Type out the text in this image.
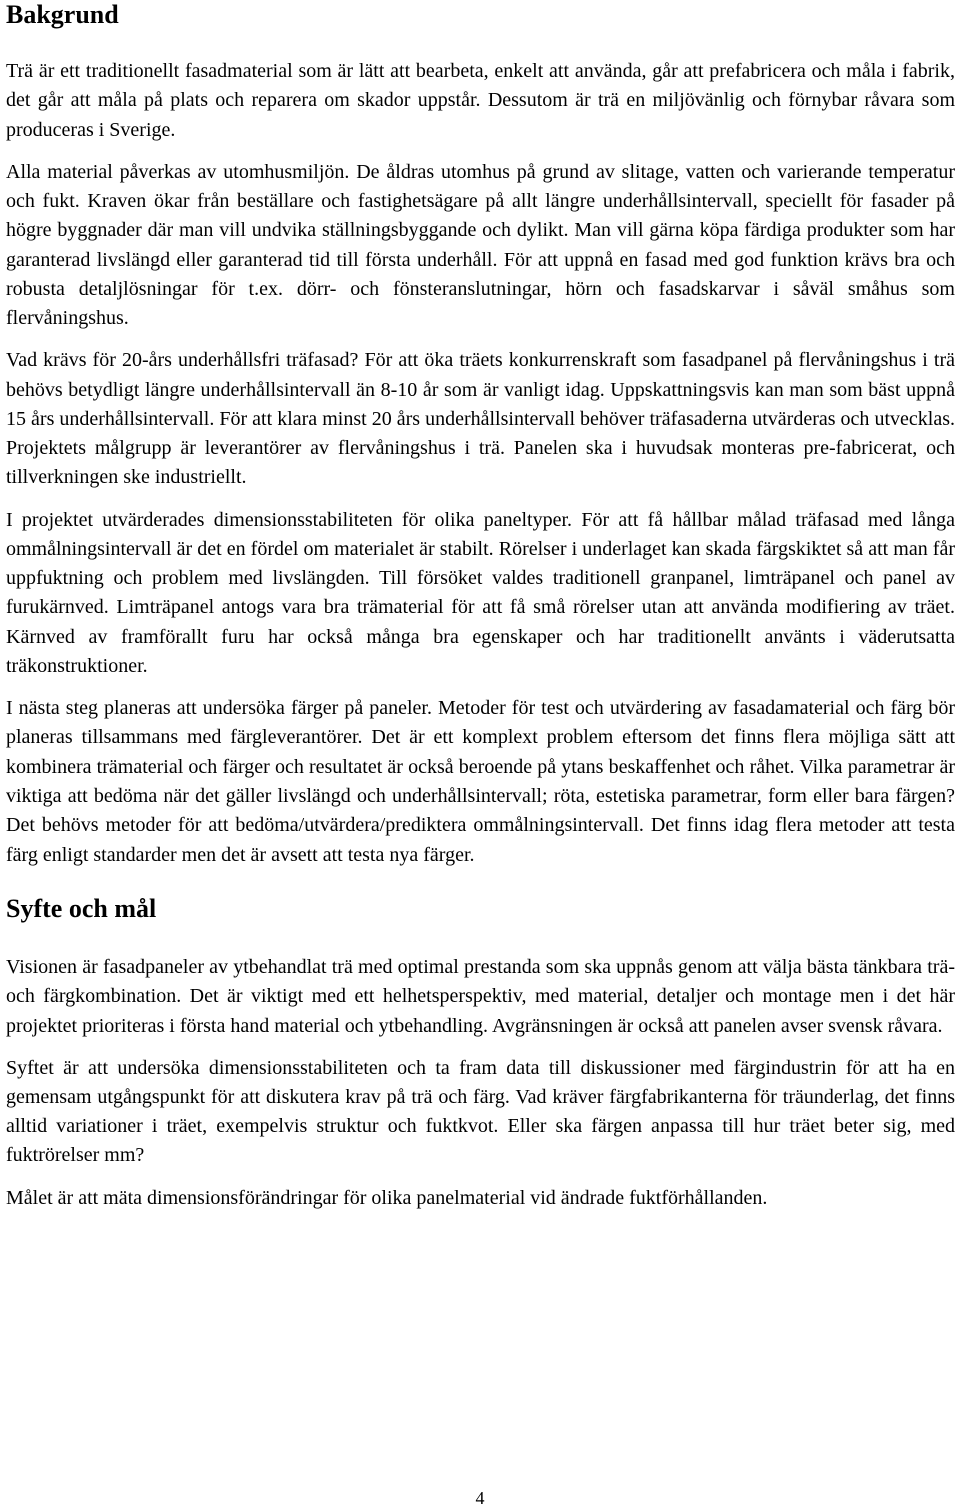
Bakgrund

Trä är ett traditionellt fasadmaterial som är lätt att bearbeta, enkelt att använda, går att prefabricera och måla i fabrik, det går att måla på plats och reparera om skador uppstår. Dessutom är trä en miljövänlig och förnybar råvara som produceras i Sverige.

Alla material påverkas av utomhusmiljön. De åldras utomhus på grund av slitage, vatten och varierande temperatur och fukt. Kraven ökar från beställare och fastighetsägare på allt längre underhållsintervall, speciellt för fasader på högre byggnader där man vill undvika ställningsbyggande och dylikt. Man vill gärna köpa färdiga produkter som har garanterad livslängd eller garanterad tid till första underhåll. För att uppnå en fasad med god funktion krävs bra och robusta detaljlösningar för t.ex. dörr- och fönsteranslutningar, hörn och fasadskarvar i såväl småhus som flervåningshus.

Vad krävs för 20-års underhållsfri träfasad? För att öka träets konkurrenskraft som fasadpanel på flervåningshus i trä behövs betydligt längre underhållsintervall än 8-10 år som är vanligt idag. Uppskattningsvis kan man som bäst uppnå 15 års underhållsintervall. För att klara minst 20 års underhållsintervall behöver träfasaderna utvärderas och utvecklas. Projektets målgrupp är leverantörer av flervåningshus i trä. Panelen ska i huvudsak monteras pre-fabricerat, och tillverkningen ske industriellt.

I projektet utvärderades dimensionsstabiliteten för olika paneltyper. För att få hållbar målad träfasad med långa ommålningsintervall är det en fördel om materialet är stabilt. Rörelser i underlaget kan skada färgskiktet så att man får uppfuktning och problem med livslängden. Till försöket valdes traditionell granpanel, limträpanel och panel av furukärnved. Limträpanel antogs vara bra trämaterial för att få små rörelser utan att använda modifiering av träet. Kärnved av framförallt furu har också många bra egenskaper och har traditionellt använts i väderutsatta träkonstruktioner.

I nästa steg planeras att undersöka färger på paneler. Metoder för test och utvärdering av fasadamaterial och färg bör planeras tillsammans med färgleverantörer. Det är ett komplext problem eftersom det finns flera möjliga sätt att kombinera trämaterial och färger och resultatet är också beroende på ytans beskaffenhet och råhet. Vilka parametrar är viktiga att bedöma när det gäller livslängd och underhållsintervall; röta, estetiska parametrar, form eller bara färgen? Det behövs metoder för att bedöma/utvärdera/prediktera ommålningsintervall. Det finns idag flera metoder att testa färg enligt standarder men det är avsett att testa nya färger.

Syfte och mål

Visionen är fasadpaneler av ytbehandlat trä med optimal prestanda som ska uppnås genom att välja bästa tänkbara trä- och färgkombination. Det är viktigt med ett helhetsperspektiv, med material, detaljer och montage men i det här projektet prioriteras i första hand material och ytbehandling. Avgränsningen är också att panelen avser svensk råvara.

Syftet är att undersöka dimensionsstabiliteten och ta fram data till diskussioner med färgindustrin för att ha en gemensam utgångspunkt för att diskutera krav på trä och färg. Vad kräver färgfabrikanterna för träunderlag, det finns alltid variationer i träet, exempelvis struktur och fuktkvot. Eller ska färgen anpassa till hur träet beter sig, med fuktrörelser mm?

Målet är att mäta dimensionsförändringar för olika panelmaterial vid ändrade fuktförhållanden.

4
